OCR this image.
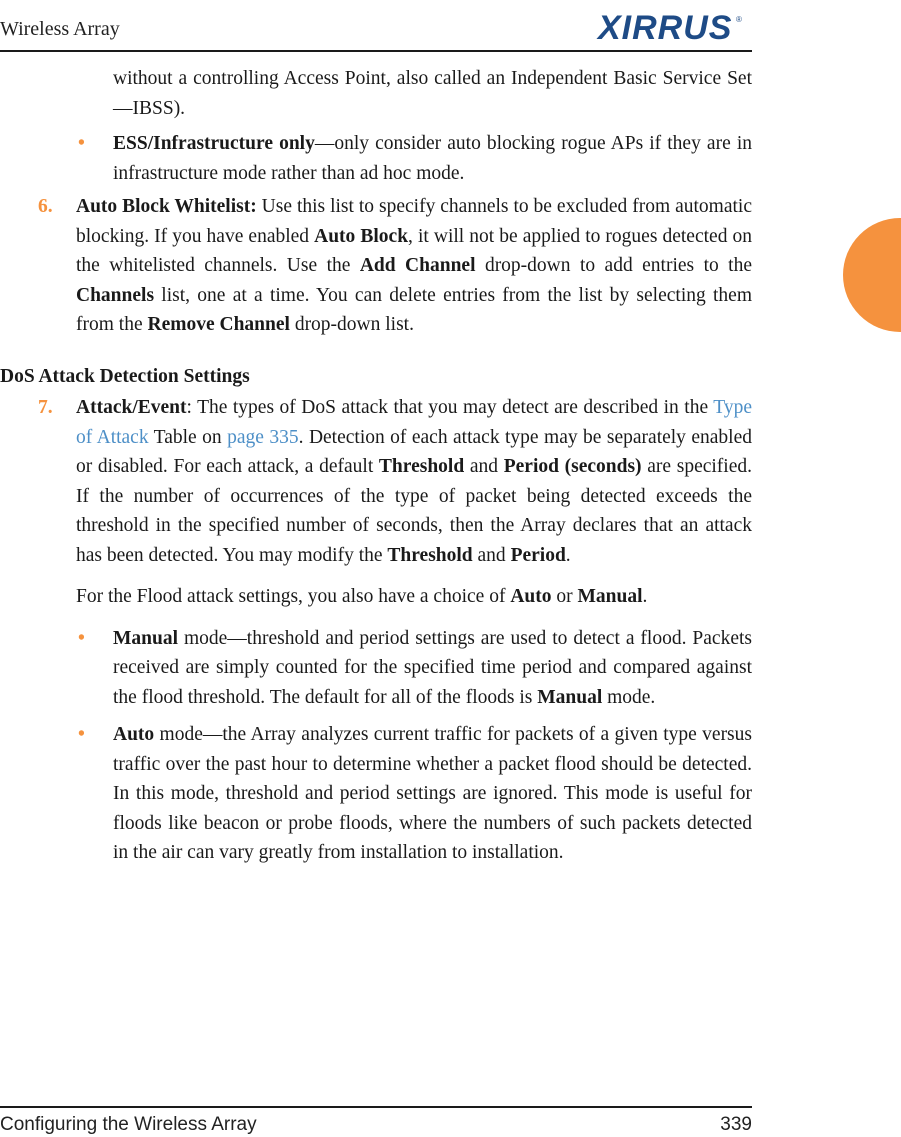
Wireless Array	XIRRUS ®

without a controlling Access Point, also called an Independent Basic Service Set—IBSS).

• ESS/Infrastructure only—only consider auto blocking rogue APs if they are in infrastructure mode rather than ad hoc mode.

6. Auto Block Whitelist: Use this list to specify channels to be excluded from automatic blocking. If you have enabled Auto Block, it will not be applied to rogues detected on the whitelisted channels. Use the Add Channel drop-down to add entries to the Channels list, one at a time. You can delete entries from the list by selecting them from the Remove Channel drop-down list.

DoS Attack Detection Settings

7. Attack/Event: The types of DoS attack that you may detect are described in the Type of Attack Table on page 335. Detection of each attack type may be separately enabled or disabled. For each attack, a default Threshold and Period (seconds) are specified. If the number of occurrences of the type of packet being detected exceeds the threshold in the specified number of seconds, then the Array declares that an attack has been detected. You may modify the Threshold and Period.

For the Flood attack settings, you also have a choice of Auto or Manual.

• Manual mode—threshold and period settings are used to detect a flood. Packets received are simply counted for the specified time period and compared against the flood threshold. The default for all of the floods is Manual mode.

• Auto mode—the Array analyzes current traffic for packets of a given type versus traffic over the past hour to determine whether a packet flood should be detected. In this mode, threshold and period settings are ignored. This mode is useful for floods like beacon or probe floods, where the numbers of such packets detected in the air can vary greatly from installation to installation.

Configuring the Wireless Array	339
